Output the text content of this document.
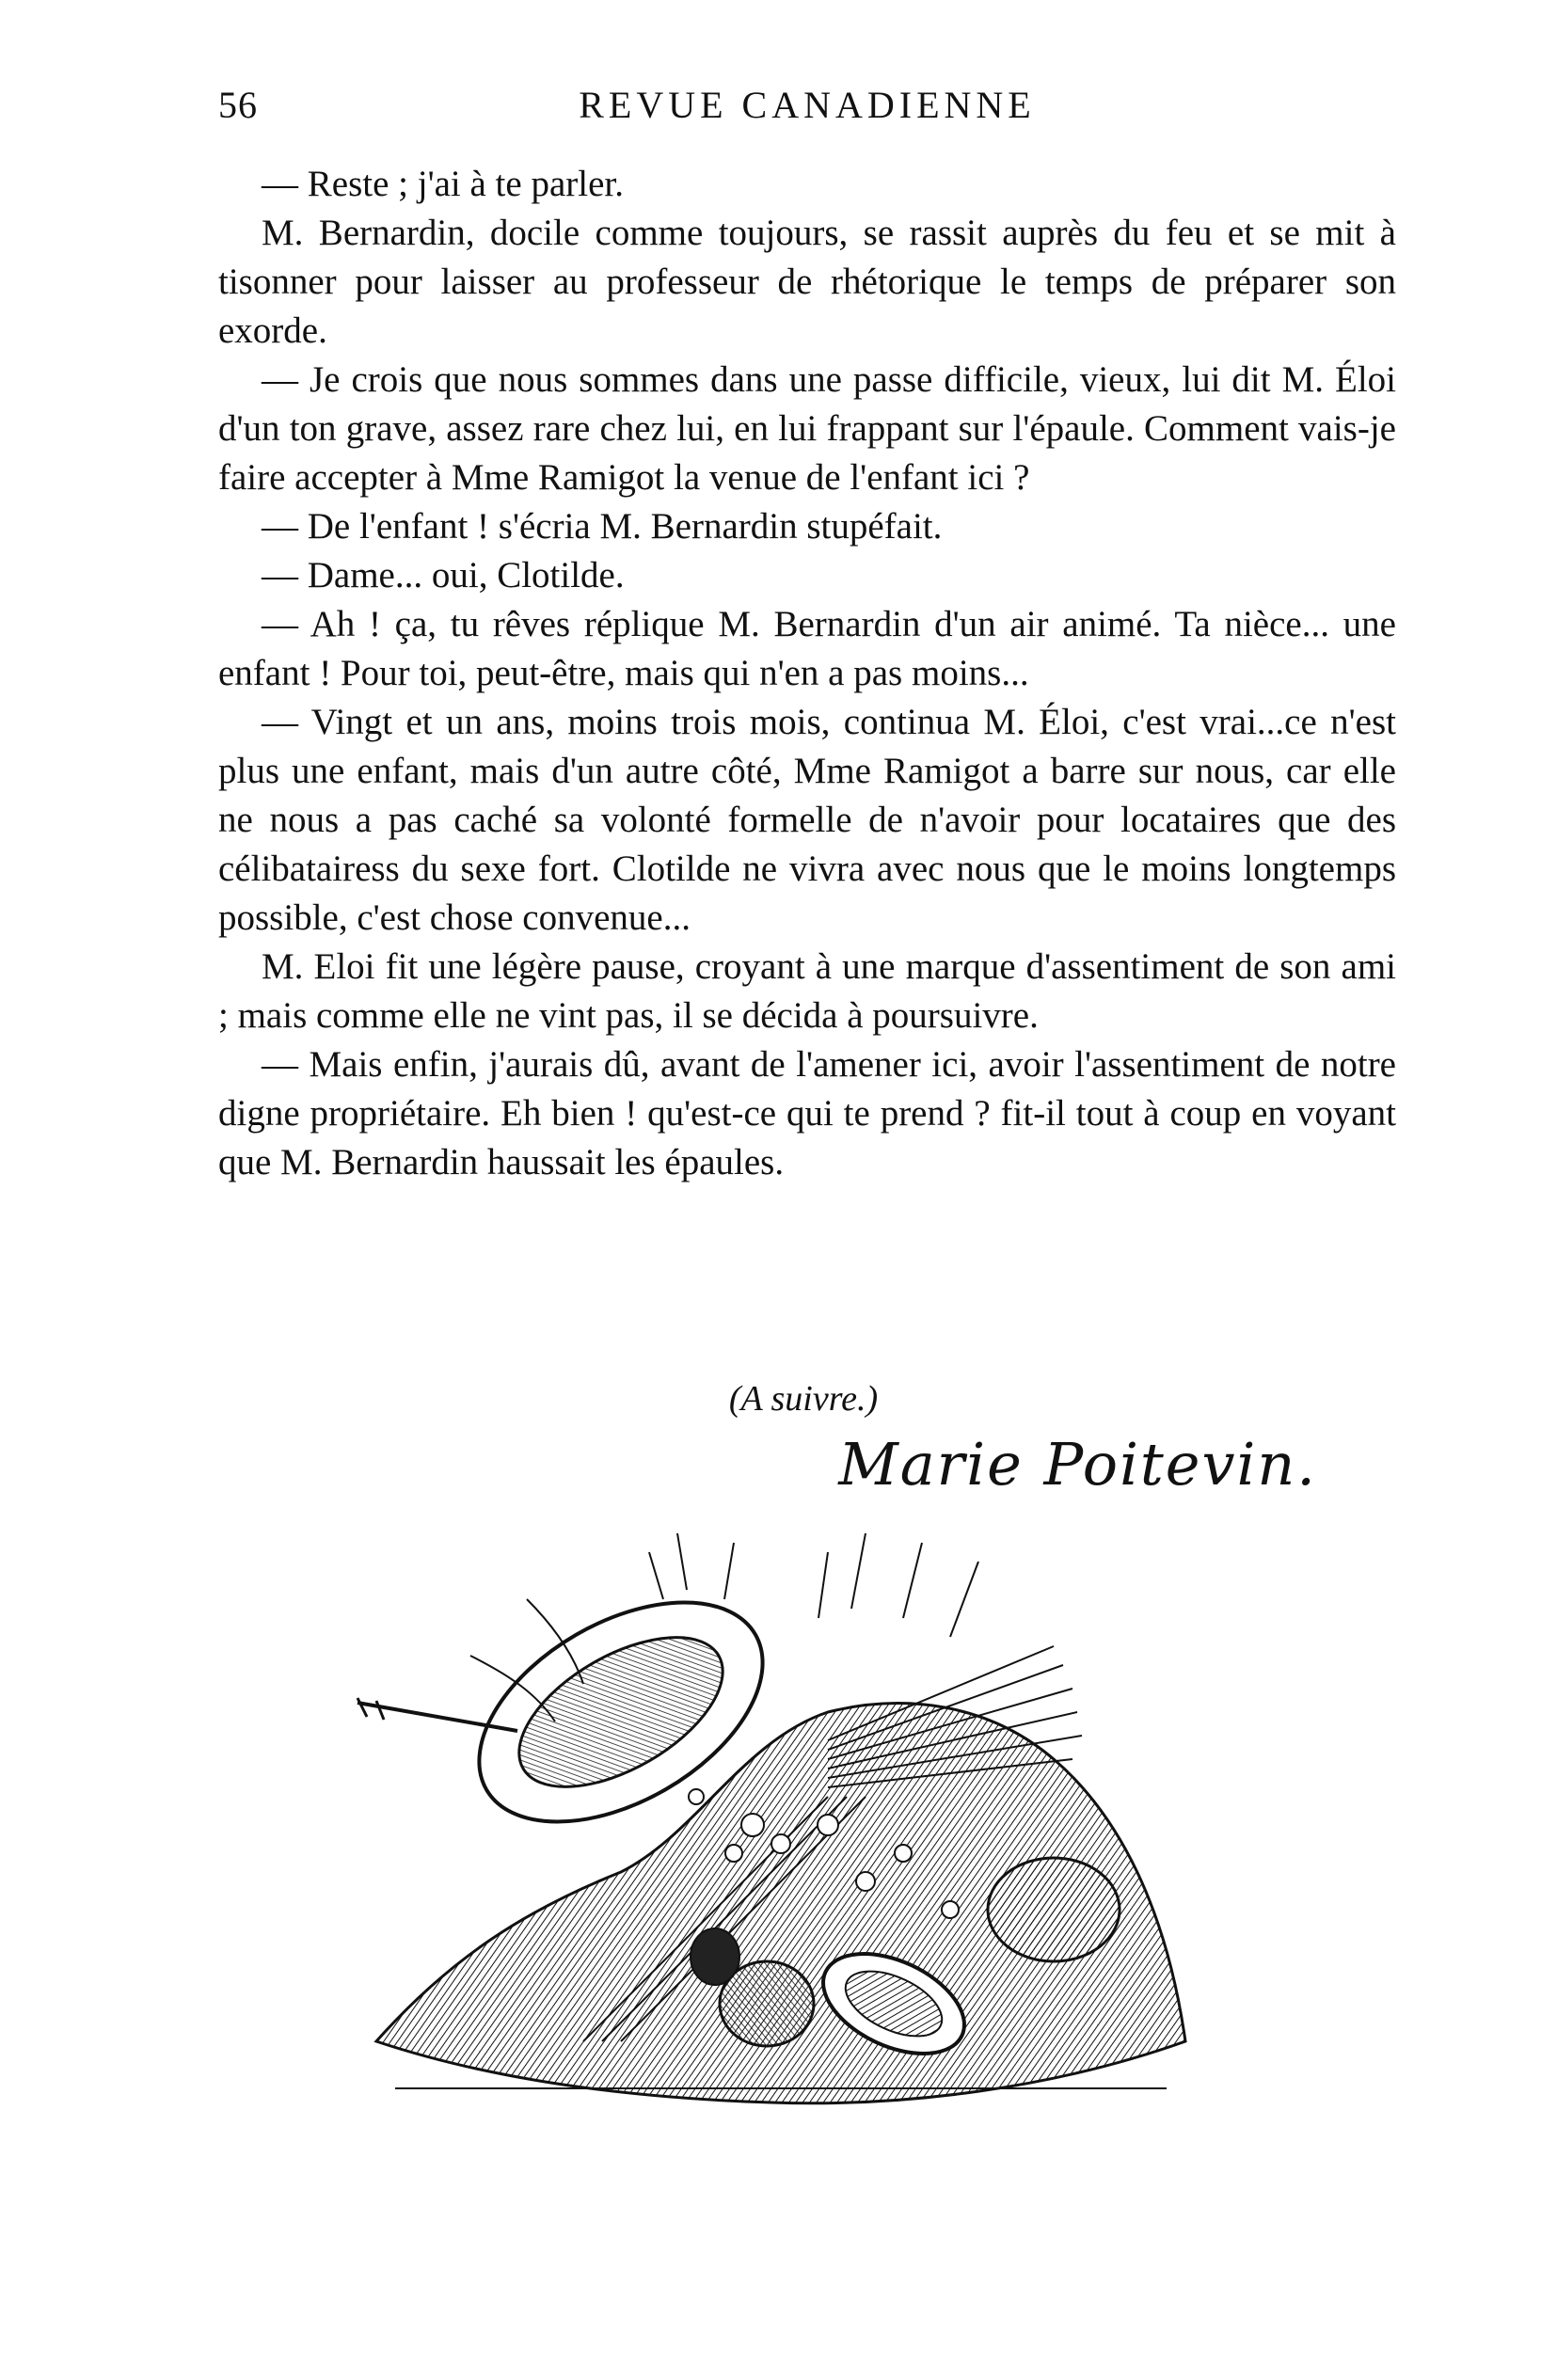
56	REVUE CANADIENNE

— Reste ; j'ai à te parler.

M. Bernardin, docile comme toujours, se rassit auprès du feu et se mit à tisonner pour laisser au professeur de rhétorique le temps de préparer son exorde.

— Je crois que nous sommes dans une passe difficile, vieux, lui dit M. Éloi d'un ton grave, assez rare chez lui, en lui frappant sur l'épaule. Comment vais-je faire accepter à Mme Ramigot la venue de l'enfant ici ?

— De l'enfant ! s'écria M. Bernardin stupéfait.

— Dame... oui, Clotilde.

— Ah ! ça, tu rêves réplique M. Bernardin d'un air animé. Ta nièce... une enfant ! Pour toi, peut-être, mais qui n'en a pas moins...

— Vingt et un ans, moins trois mois, continua M. Éloi, c'est vrai...ce n'est plus une enfant, mais d'un autre côté, Mme Ramigot a barre sur nous, car elle ne nous a pas caché sa volonté formelle de n'avoir pour locataires que des célibatairess du sexe fort. Clotilde ne vivra avec nous que le moins longtemps possible, c'est chose convenue...

M. Eloi fit une légère pause, croyant à une marque d'assentiment de son ami ; mais comme elle ne vint pas, il se décida à poursuivre.

— Mais enfin, j'aurais dû, avant de l'amener ici, avoir l'assentiment de notre digne propriétaire. Eh bien ! qu'est-ce qui te prend ? fit-il tout à coup en voyant que M. Bernardin haussait les épaules.

(A suivre.)
Marie Poitevin.
